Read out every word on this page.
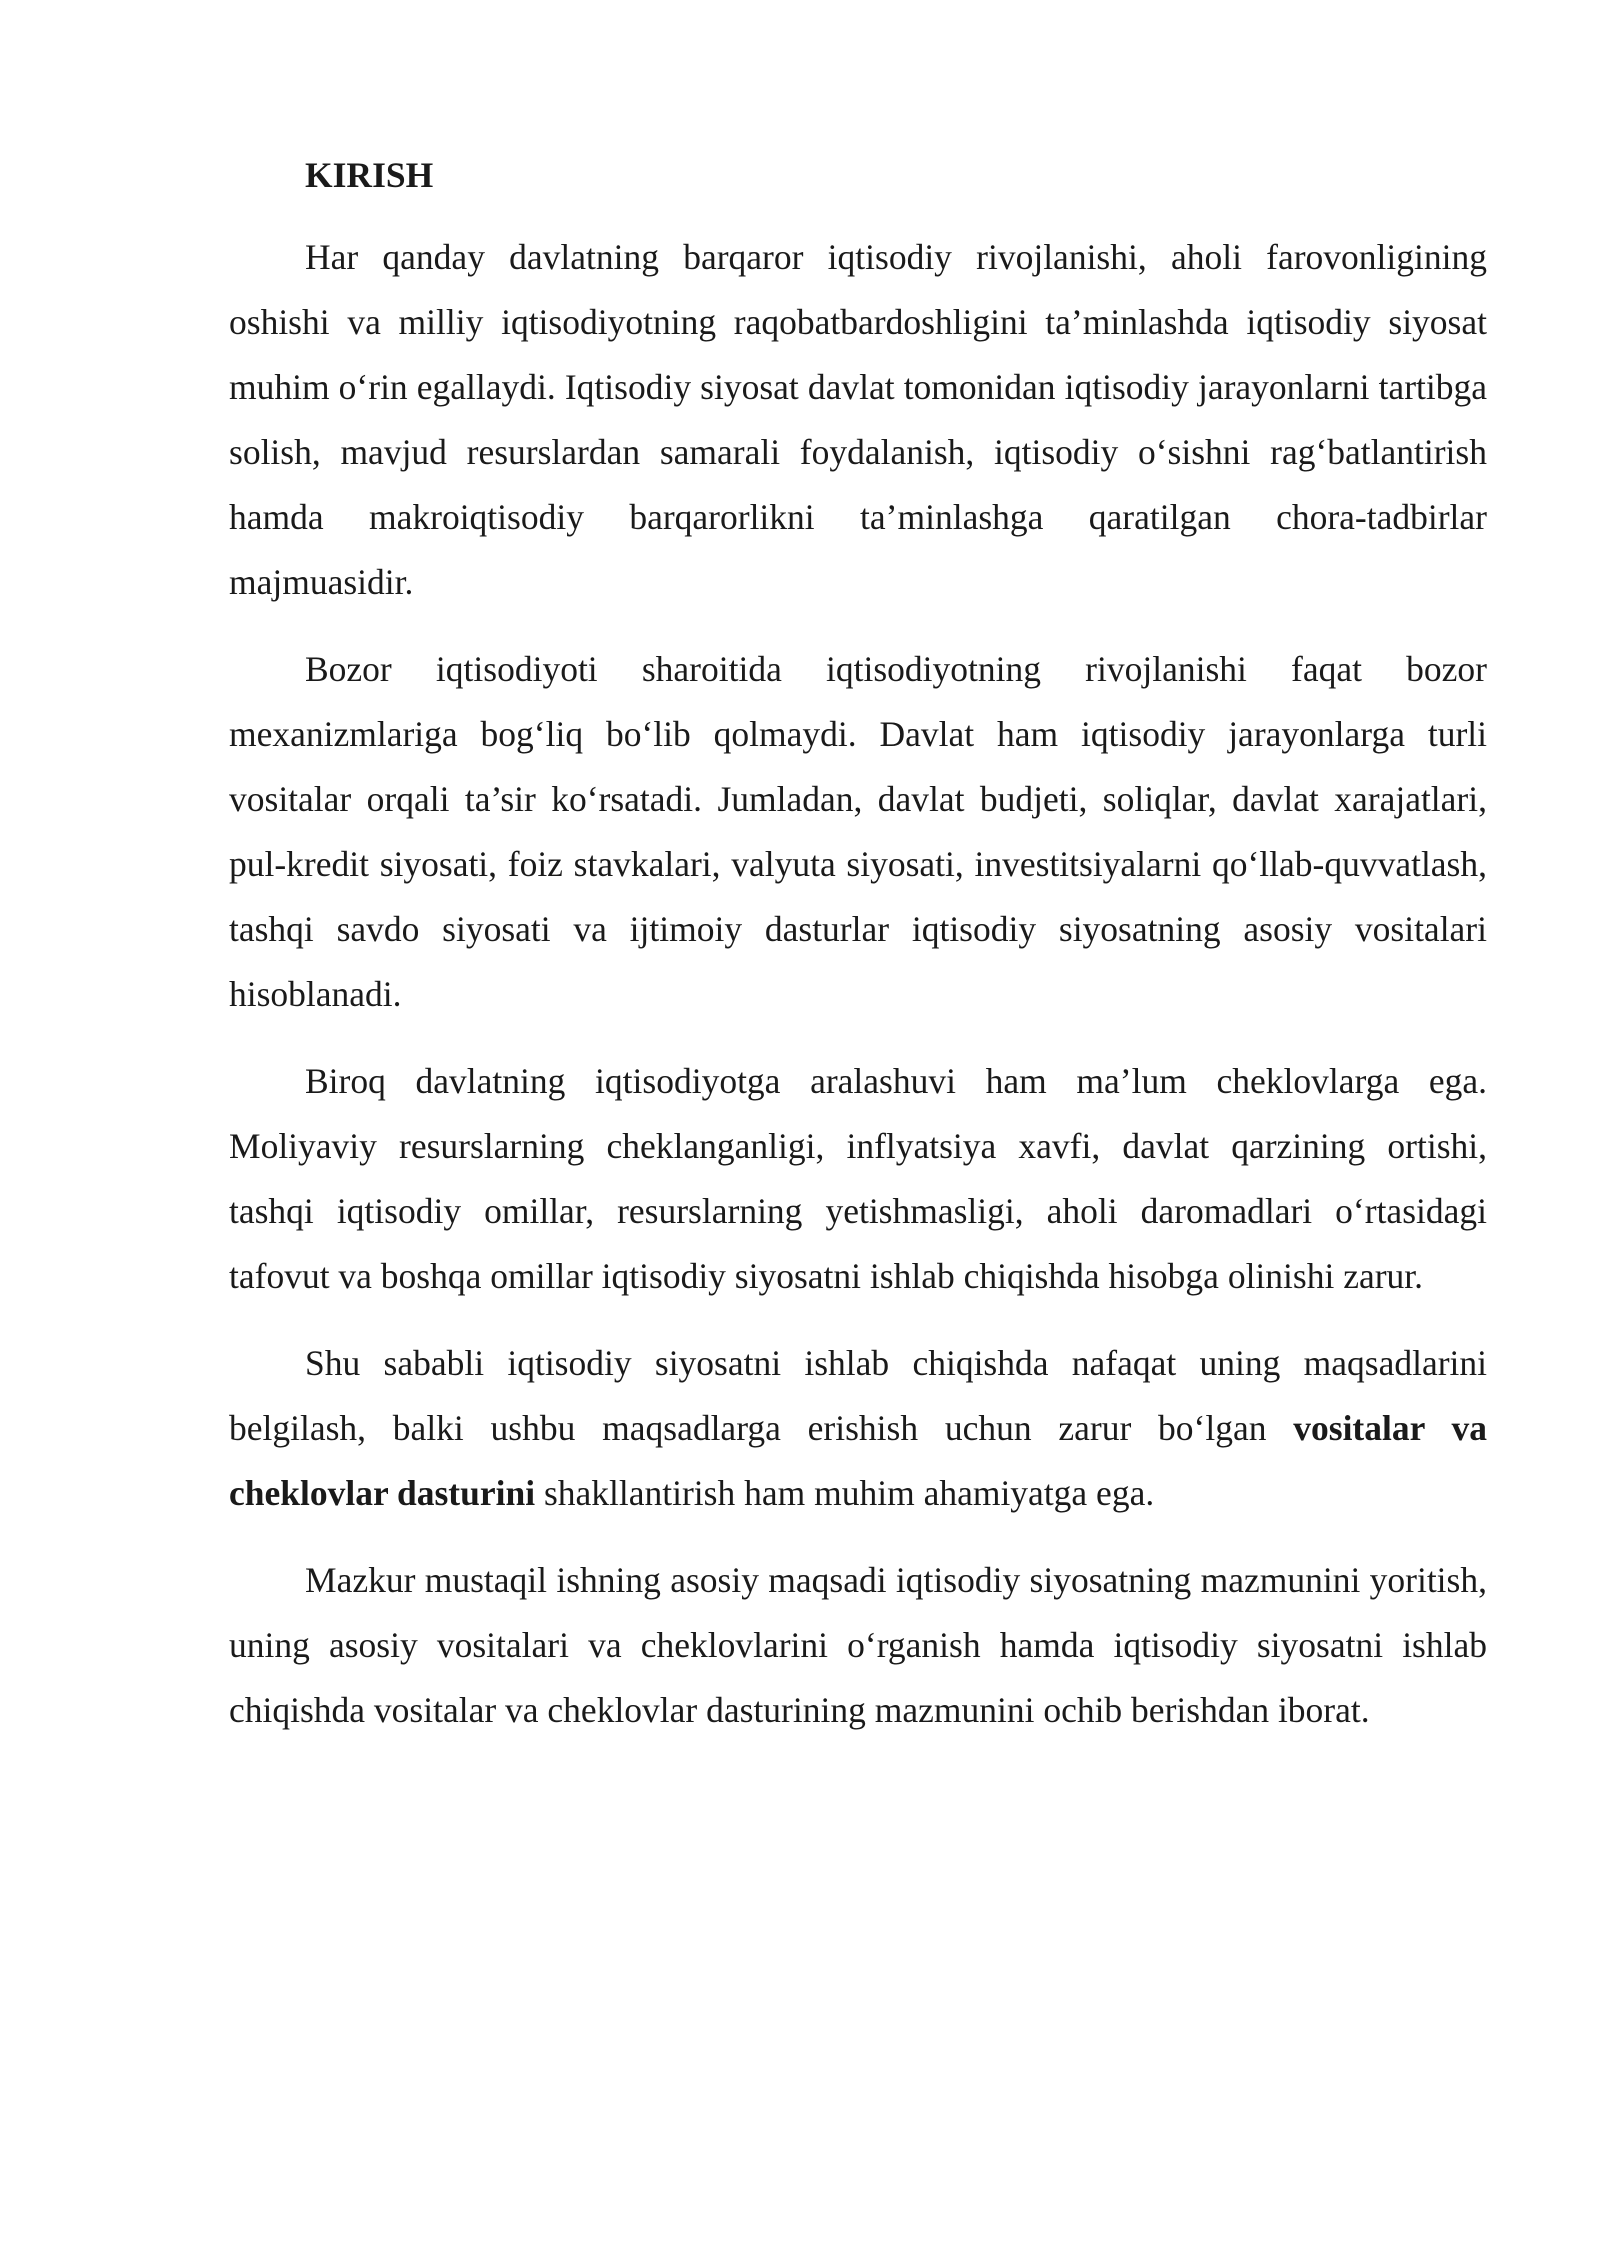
KIRISH

Har qanday davlatning barqaror iqtisodiy rivojlanishi, aholi farovonligining oshishi va milliy iqtisodiyotning raqobatbardoshligini ta’minlashda iqtisodiy siyosat muhim o‘rin egallaydi. Iqtisodiy siyosat davlat tomonidan iqtisodiy jarayonlarni tartibga solish, mavjud resurslardan samarali foydalanish, iqtisodiy o‘sishni rag‘batlantirish hamda makroiqtisodiy barqarorlikni ta’minlashga qaratilgan chora-tadbirlar majmuasidir.

Bozor iqtisodiyoti sharoitida iqtisodiyotning rivojlanishi faqat bozor mexanizmlariga bog‘liq bo‘lib qolmaydi. Davlat ham iqtisodiy jarayonlarga turli vositalar orqali ta’sir ko‘rsatadi. Jumladan, davlat budjeti, soliqlar, davlat xarajatlari, pul-kredit siyosati, foiz stavkalari, valyuta siyosati, investitsiyalarni qo‘llab-quvvatlash, tashqi savdo siyosati va ijtimoiy dasturlar iqtisodiy siyosatning asosiy vositalari hisoblanadi.

Biroq davlatning iqtisodiyotga aralashuvi ham ma’lum cheklovlarga ega. Moliyaviy resurslarning cheklanganligi, inflyatsiya xavfi, davlat qarzining ortishi, tashqi iqtisodiy omillar, resurslarning yetishmasligi, aholi daromadlari o‘rtasidagi tafovut va boshqa omillar iqtisodiy siyosatni ishlab chiqishda hisobga olinishi zarur.

Shu sababli iqtisodiy siyosatni ishlab chiqishda nafaqat uning maqsadlarini belgilash, balki ushbu maqsadlarga erishish uchun zarur bo‘lgan vositalar va cheklovlar dasturini shakllantirish ham muhim ahamiyatga ega.

Mazkur mustaqil ishning asosiy maqsadi iqtisodiy siyosatning mazmunini yoritish, uning asosiy vositalari va cheklovlarini o‘rganish hamda iqtisodiy siyosatni ishlab chiqishda vositalar va cheklovlar dasturining mazmunini ochib berishdan iborat.
